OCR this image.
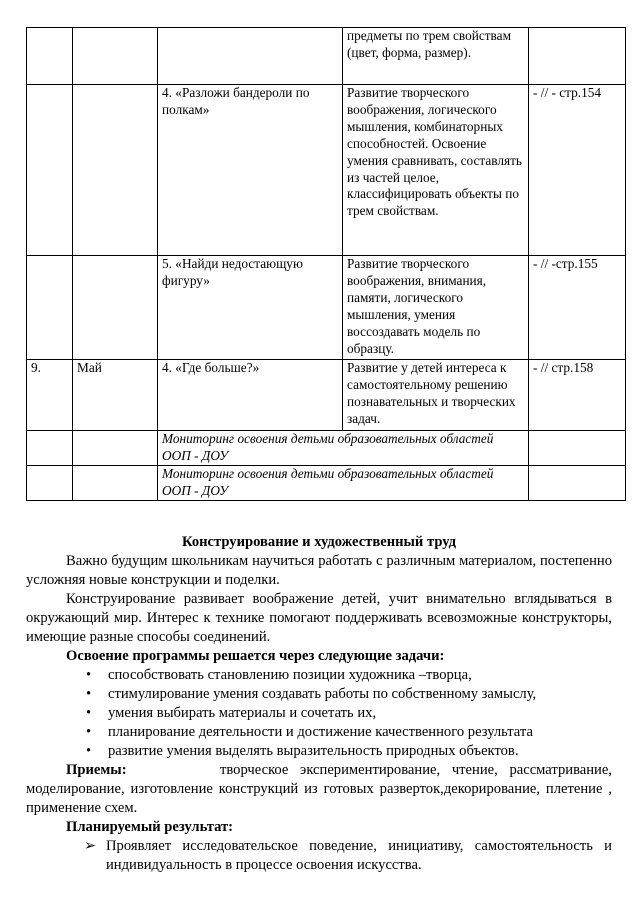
			предметы по трем свойствам (цвет, форма, размер).	
		4. «Разложи бандероли по полкам»	Развитие творческого воображения, логического мышления, комбинаторных способностей. Освоение умения сравнивать, составлять из частей целое, классифицировать объекты по трем свойствам.	- // - стр.154
		5. «Найди недостающую фигуру»	Развитие творческого воображения, внимания, памяти, логического мышления, умения воссоздавать модель по образцу.	- // -стр.155
9.	Май	4. «Где больше?»	Развитие у детей интереса к самостоятельному решению познавательных и творческих задач.	- // стр.158
		Мониторинг освоения детьми образовательных областей ООП - ДОУ		
		Мониторинг освоения детьми образовательных областей ООП - ДОУ		
Конструирование и художественный труд

Важно будущим школьникам научиться работать с различным материалом, постепенно усложняя новые конструкции и поделки.

Конструирование развивает воображение детей, учит внимательно вглядываться в окружающий мир. Интерес к технике помогают поддерживать всевозможные конструкторы, имеющие разные способы соединений.

Освоение программы решается через следующие задачи:

• способствовать становлению позиции художника –творца,
• стимулирование умения создавать работы по собственному замыслу,
• умения выбирать материалы и сочетать их,
• планирование деятельности и достижение качественного результата
• развитие умения выделять выразительность природных объектов.

Приемы:	творческое экспериментирование, чтение, рассматривание,

моделирование, изготовление конструкций из готовых разверток,декорирование, плетение , применение схем.

Планируемый результат:

➢ Проявляет исследовательское поведение, инициативу, самостоятельность и индивидуальность в процессе освоения искусства.
